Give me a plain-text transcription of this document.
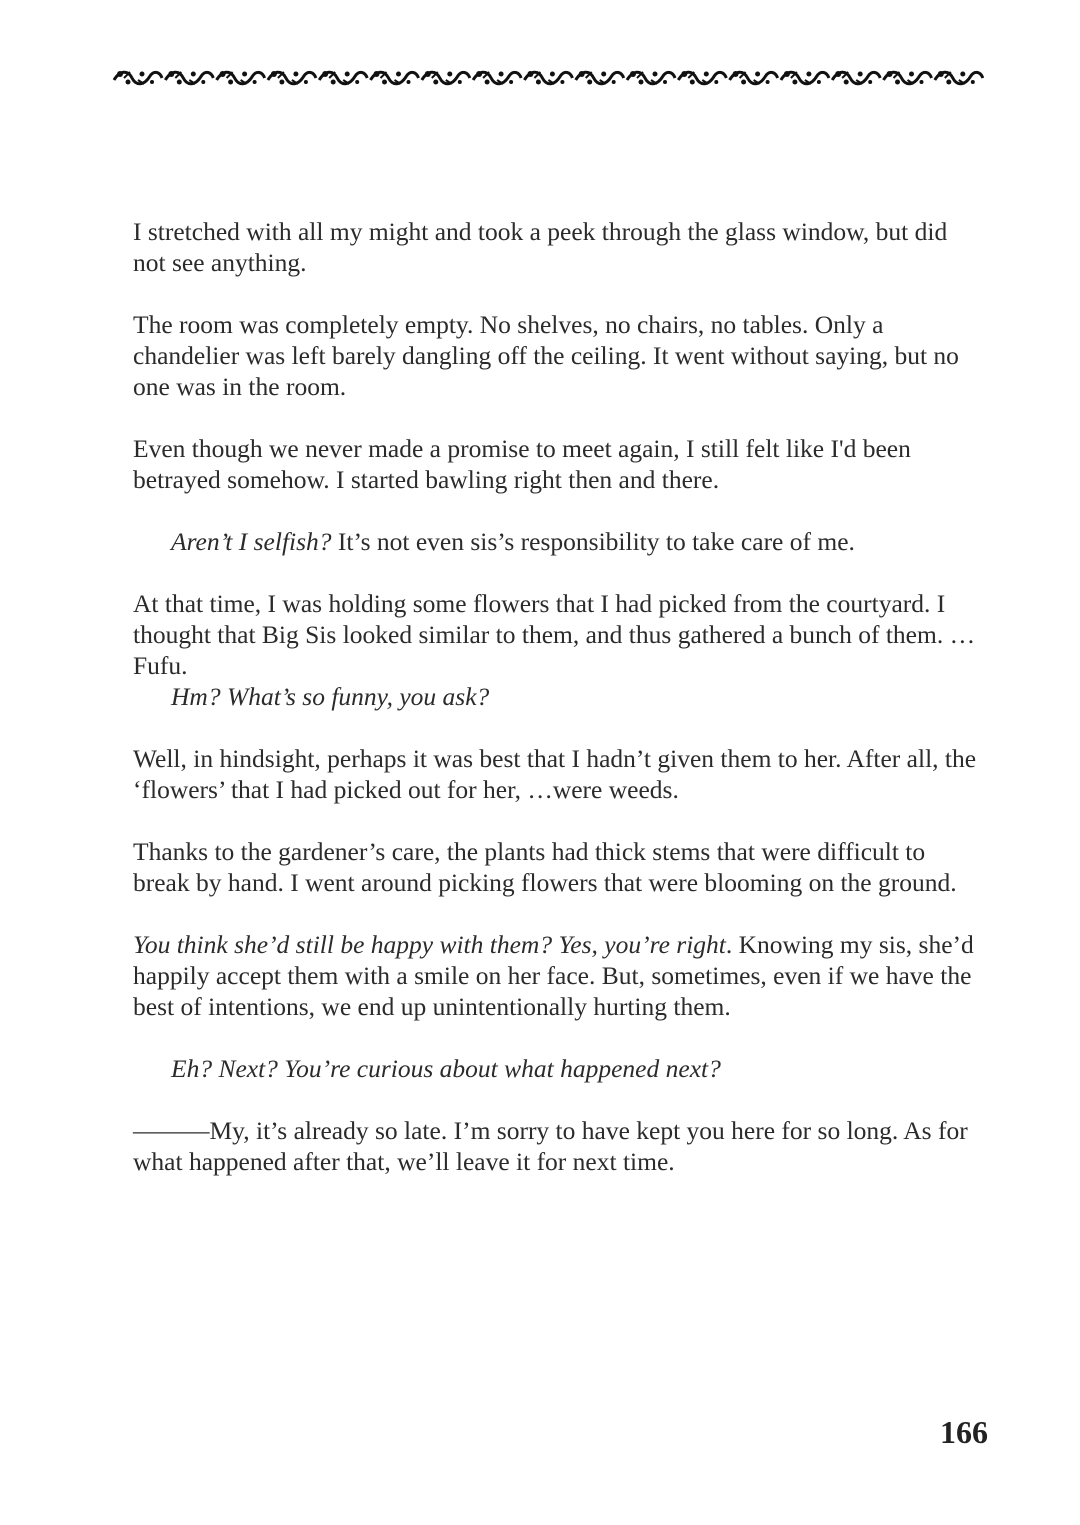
I stretched with all my might and took a peek through the glass window, but did not see anything.

The room was completely empty. No shelves, no chairs, no tables. Only a chandelier was left barely dangling off the ceiling. It went without saying, but no one was in the room.

Even though we never made a promise to meet again, I still felt like I'd been betrayed somehow. I started bawling right then and there.

Aren’t I selfish? It’s not even sis’s responsibility to take care of me.

At that time, I was holding some flowers that I had picked from the courtyard. I thought that Big Sis looked similar to them, and thus gathered a bunch of them. …Fufu.

Hm? What’s so funny, you ask?

Well, in hindsight, perhaps it was best that I hadn’t given them to her. After all, the ‘flowers’ that I had picked out for her, …were weeds.

Thanks to the gardener’s care, the plants had thick stems that were difficult to break by hand. I went around picking flowers that were blooming on the ground.

You think she’d still be happy with them? Yes, you’re right. Knowing my sis, she’d happily accept them with a smile on her face. But, sometimes, even if we have the best of intentions, we end up unintentionally hurting them.

Eh? Next? You’re curious about what happened next?

———My, it’s already so late. I’m sorry to have kept you here for so long. As for what happened after that, we’ll leave it for next time.

166
